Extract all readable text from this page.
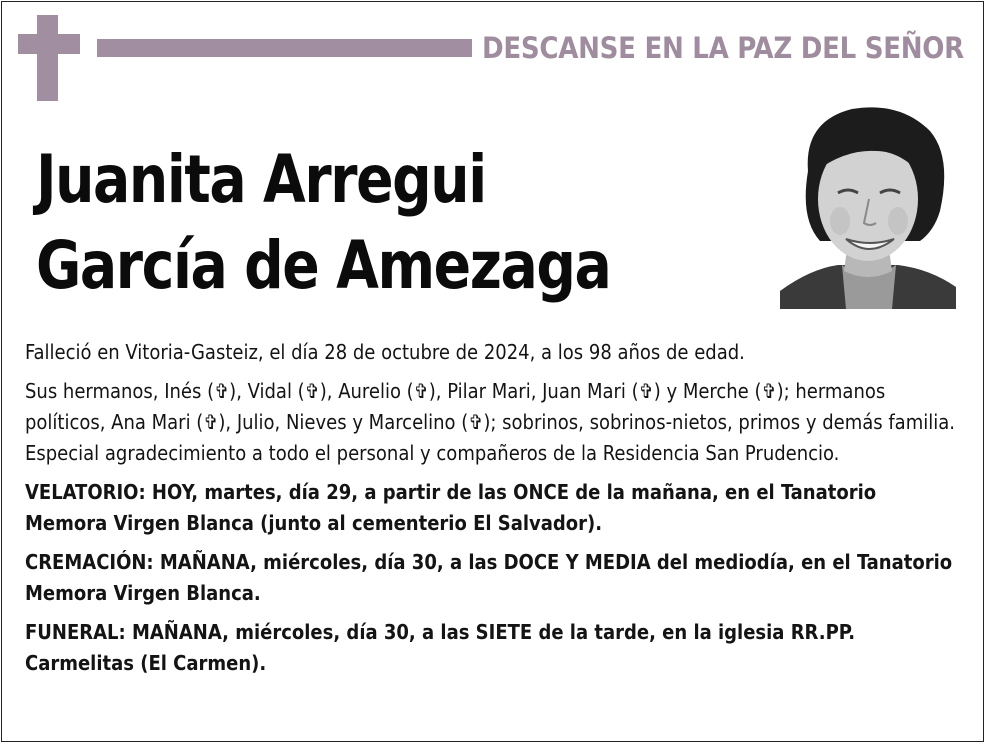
DESCANSE EN LA PAZ DEL SEÑOR
Juanita Arregui
García de Amezaga

Falleció en Vitoria-Gasteiz, el día 28 de octubre de 2024, a los 98 años de edad.

Sus hermanos, Inés (✞), Vidal (✞), Aurelio (✞), Pilar Mari, Juan Mari (✞) y Merche (✞); hermanos políticos, Ana Mari (✞), Julio, Nieves y Marcelino (✞); sobrinos, sobrinos-nietos, primos y demás familia. Especial agradecimiento a todo el personal y compañeros de la Residencia San Prudencio.

VELATORIO: HOY, martes, día 29, a partir de las ONCE de la mañana, en el Tanatorio Memora Virgen Blanca (junto al cementerio El Salvador).

CREMACIÓN: MAÑANA, miércoles, día 30, a las DOCE Y MEDIA del mediodía, en el Tanatorio Memora Virgen Blanca.

FUNERAL: MAÑANA, miércoles, día 30, a las SIETE de la tarde, en la iglesia RR.PP. Carmelitas (El Carmen).
